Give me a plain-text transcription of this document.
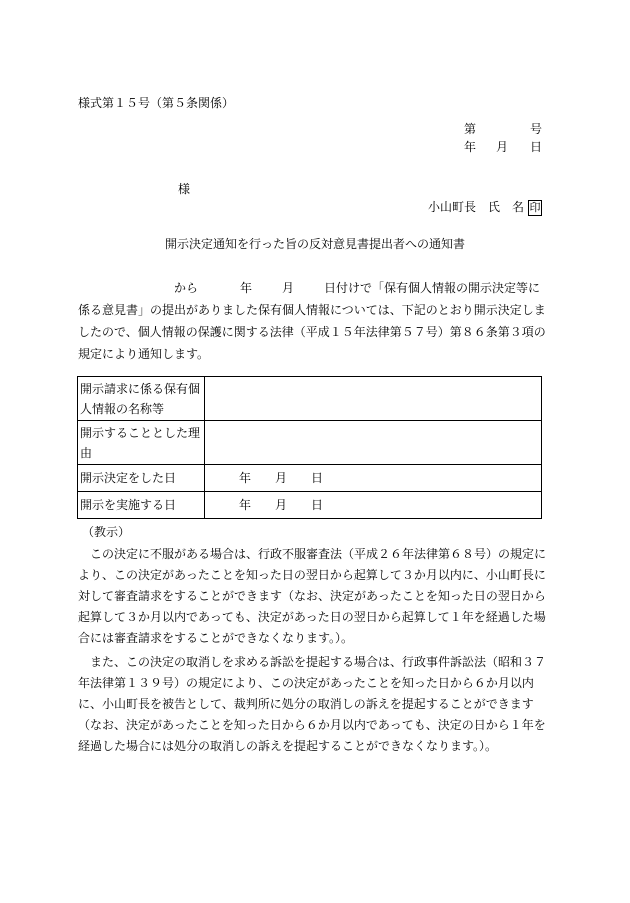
様式第１５号（第５条関係）
第	号
年 月 日
様
小山町長　氏　名 印
開示決定通知を行った旨の反対意見書提出者への通知書

から	年	月	日付けで「保有個人情報の開示決定等に係る意見書」の提出がありました保有個人情報については、下記のとおり開示決定しましたので、個人情報の保護に関する法律（平成１５年法律第５７号）第８６条第３項の規定により通知します。

開示請求に係る保有個人情報の名称等	
開示することとした理由	
開示決定をした日	年 月 日
開示を実施する日	年 月 日
（教示）

この決定に不服がある場合は、行政不服審査法（平成２６年法律第６８号）の規定により、この決定があったことを知った日の翌日から起算して３か月以内に、小山町長に対して審査請求をすることができます（なお、決定があったことを知った日の翌日から起算して３か月以内であっても、決定があった日の翌日から起算して１年を経過した場合には審査請求をすることができなくなります。）。

また、この決定の取消しを求める訴訟を提起する場合は、行政事件訴訟法（昭和３７年法律第１３９号）の規定により、この決定があったことを知った日から６か月以内に、小山町長を被告として、裁判所に処分の取消しの訴えを提起することができます（なお、決定があったことを知った日から６か月以内であっても、決定の日から１年を経過した場合には処分の取消しの訴えを提起することができなくなります。）。
